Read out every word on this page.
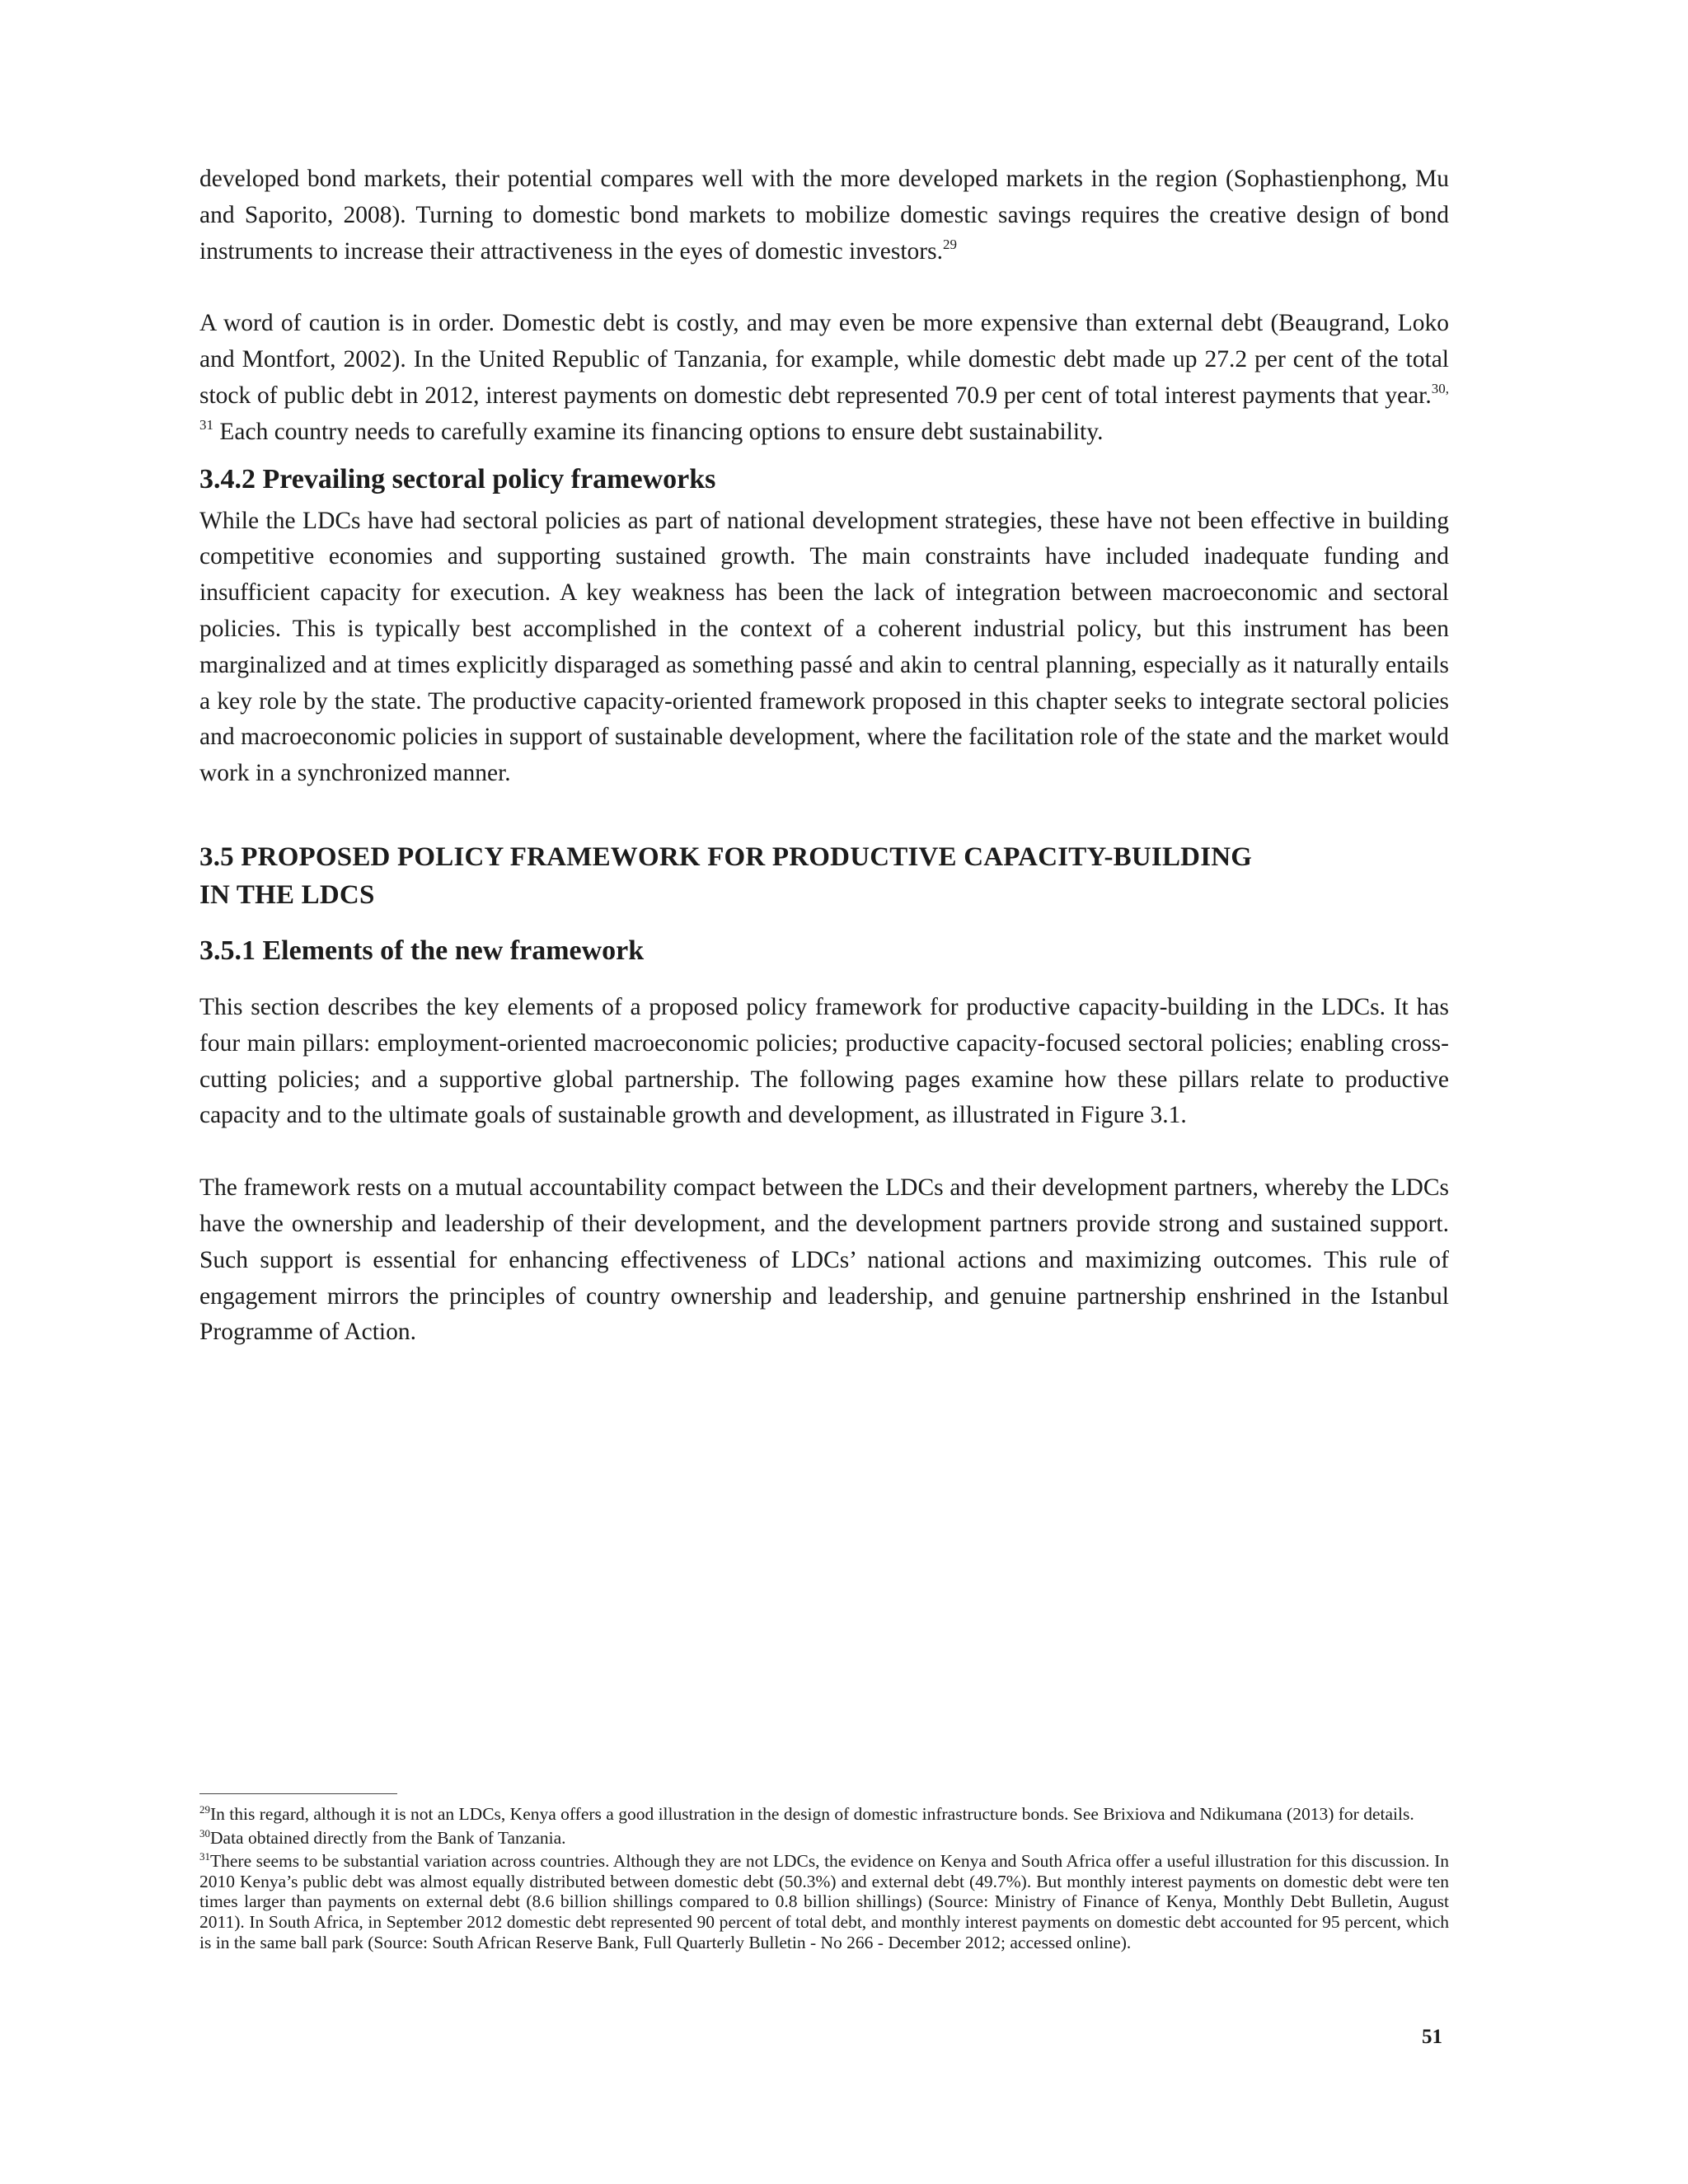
developed bond markets, their potential compares well with the more developed markets in the region (Sophastienphong, Mu and Saporito, 2008). Turning to domestic bond markets to mobilize domestic savings requires the creative design of bond instruments to increase their attractiveness in the eyes of domestic investors.$^{29}$

A word of caution is in order. Domestic debt is costly, and may even be more expensive than external debt (Beaugrand, Loko and Montfort, 2002). In the United Republic of Tanzania, for example, while domestic debt made up 27.2 per cent of the total stock of public debt in 2012, interest payments on domestic debt represented 70.9 per cent of total interest payments that year.$^{30, 31}$ Each country needs to carefully examine its financing options to ensure debt sustainability.

3.4.2 Prevailing sectoral policy frameworks

While the LDCs have had sectoral policies as part of national development strategies, these have not been effective in building competitive economies and supporting sustained growth. The main constraints have included inadequate funding and insufficient capacity for execution. A key weakness has been the lack of integration between macroeconomic and sectoral policies. This is typically best accomplished in the context of a coherent industrial policy, but this instrument has been marginalized and at times explicitly disparaged as something passé and akin to central planning, especially as it naturally entails a key role by the state. The productive capacity-oriented framework proposed in this chapter seeks to integrate sectoral policies and macroeconomic policies in support of sustainable development, where the facilitation role of the state and the market would work in a synchronized manner.

3.5 PROPOSED POLICY FRAMEWORK FOR PRODUCTIVE CAPACITY-BUILDING
IN THE LDCS
3.5.1 Elements of the new framework

This section describes the key elements of a proposed policy framework for productive capacity-building in the LDCs. It has four main pillars: employment-oriented macroeconomic policies; productive capacity-focused sectoral policies; enabling cross-cutting policies; and a supportive global partnership. The following pages examine how these pillars relate to productive capacity and to the ultimate goals of sustainable growth and development, as illustrated in Figure 3.1.

The framework rests on a mutual accountability compact between the LDCs and their development partners, whereby the LDCs have the ownership and leadership of their development, and the development partners provide strong and sustained support. Such support is essential for enhancing effectiveness of LDCs’ national actions and maximizing outcomes. This rule of engagement mirrors the principles of country ownership and leadership, and genuine partnership enshrined in the Istanbul Programme of Action.

$^{29}$In this regard, although it is not an LDCs, Kenya offers a good illustration in the design of domestic infrastructure bonds. See Brixiova and Ndikumana (2013) for details.

$^{30}$Data obtained directly from the Bank of Tanzania.

$^{31}$There seems to be substantial variation across countries. Although they are not LDCs, the evidence on Kenya and South Africa offer a useful illustration for this discussion. In 2010 Kenya’s public debt was almost equally distributed between domestic debt (50.3%) and external debt (49.7%). But monthly interest payments on domestic debt were ten times larger than payments on external debt (8.6 billion shillings compared to 0.8 billion shillings) (Source: Ministry of Finance of Kenya, Monthly Debt Bulletin, August 2011). In South Africa, in September 2012 domestic debt represented 90 percent of total debt, and monthly interest payments on domestic debt accounted for 95 percent, which is in the same ball park (Source: South African Reserve Bank, Full Quarterly Bulletin - No 266 - December 2012; accessed online).

51
